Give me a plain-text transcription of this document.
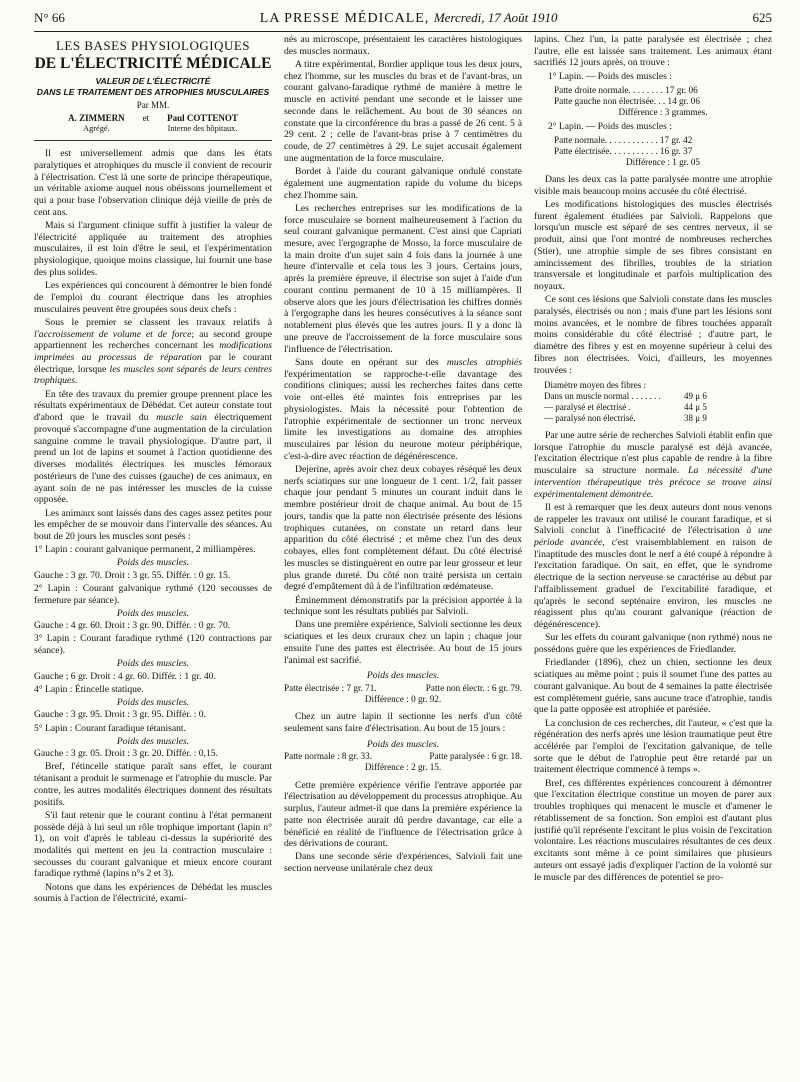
N° 66	LA PRESSE MÉDICALE, Mercredi, 17 Août 1910	625
LES BASES PHYSIOLOGIQUES
DE L'ÉLECTRICITÉ MÉDICALE
VALEUR DE L'ÉLECTRICITÉ
DANS LE TRAITEMENT DES ATROPHIES MUSCULAIRES
Par MM.
A. ZIMMERN
Agrégé.
et Paul COTTENOT
Interne des hôpitaux.

Il est universellement admis que dans les états paralytiques et atrophiques du muscle il convient de recourir à l'électrisation. C'est là une sorte de principe thérapeutique, un véritable axiome auquel nous obéissons journellement et qui a pour base l'observation clinique déjà vieille de près de cent ans.

Mais si l'argument clinique suffit à justifier la valeur de l'électricité appliquée au traitement des atrophies musculaires, il est loin d'être le seul, et l'expérimentation physiologique, quoique moins classique, lui fournit une base des plus solides.

Les expériences qui concourent à démontrer le bien fondé de l'emploi du courant électrique dans les atrophies musculaires peuvent être groupées sous deux chefs :

Sous le premier se classent les travaux relatifs à l'accroissement de volume et de force; au second groupe appartiennent les recherches concernant les modifications imprimées au processus de réparation par le courant électrique, lorsque les muscles sont séparés de leurs centres trophiques.

En tête des travaux du premier groupe prennent place les résultats expérimentaux de Débédat. Cet auteur constate tout d'abord que le travail du muscle sain électriquement provoqué s'accompagne d'une augmentation de la circulation sanguine comme le travail physiologique. D'autre part, il prend un lot de lapins et soumet à l'action quotidienne des diverses modalités électriques les muscles fémoraux postérieurs de l'une des cuisses (gauche) de ces animaux, en ayant soin de ne pas intéresser les muscles de la cuisse opposée.

Les animaux sont laissés dans des cages assez petites pour les empêcher de se mouvoir dans l'intervalle des séances. Au bout de 20 jours les muscles sont pesés :

1° Lapin : courant galvanique permanent, 2 milliampères.

Poids des muscles.

Gauche : 3 gr. 70. Droit : 3 gr. 55. Différ. : 0 gr. 15.

2° Lapin : Courant galvanique rythmé (120 secousses de fermeture par séance).

Poids des muscles.

Gauche : 4 gr. 60. Droit : 3 gr. 90. Différ. : 0 gr. 70.

3° Lapin : Courant faradique rythmé (120 contractions par séance).

Poids des muscles.

Gauche ; 6 gr. Droit : 4 gr. 60. Différ. : 1 gr. 40.

4° Lapin : Étincelle statique.

Poids des muscles.

Gauche : 3 gr. 95. Droit : 3 gr. 95. Différ. : 0.

5° Lapin : Courant faradique tétanisant.

Poids des muscles.

Gauche : 3 gr. 05. Droit : 3 gr. 20. Différ. : 0,15.

Bref, l'étincelle statique paraît sans effet, le courant tétanisant a produit le surmenage et l'atrophie du muscle. Par contre, les autres modalités électriques donnent des résultats positifs.

S'il faut retenir que le courant continu à l'état permanent possède déjà à lui seul un rôle trophique important (lapin n° 1), on voit d'après le tableau ci-dessus la supériorité des modalités qui mettent en jeu la contraction musculaire : secousses du courant galvanique et mieux encore courant faradique rythmé (lapins n°s 2 et 3).

Notons que dans les expériences de Débédat les muscles soumis à l'action de l'électricité, exami-

nés au microscope, présentaient les caractères histologiques des muscles normaux.

A titre expérimental, Bordier applique tous les deux jours, chez l'homme, sur les muscles du bras et de l'avant-bras, un courant galvano-faradique rythmé de manière à mettre le muscle en activité pendant une seconde et le laisser une seconde dans le relâchement. Au bout de 30 séances on constate que la circonférence du bras a passé de 26 cent. 5 à 29 cent. 2 ; celle de l'avant-bras prise à 7 centimètres du coude, de 27 centimètres à 29. Le sujet accusait également une augmentation de la force musculaire.

Bordet à l'aide du courant galvanique ondulé constate également une augmentation rapide du volume du biceps chez l'homme sain.

Les recherches entreprises sur les modifications de la force musculaire se bornent malheureusement à l'action du seul courant galvanique permanent. C'est ainsi que Capriati mesure, avec l'ergographe de Mosso, la force musculaire de la main droite d'un sujet sain 4 fois dans la journée à une heure d'intervalle et cela tous les 3 jours. Certains jours, après la première épreuve, il électrise son sujet à l'aide d'un courant continu permanent de 10 à 15 milliampères. Il observe alors que les jours d'électrisation les chiffres donnés à l'ergographe dans les heures consécutives à la séance sont notablement plus élevés que les autres jours. Il y a donc là une preuve de l'accroissement de la force musculaire sous l'influence de l'électrisation.

Sans doute en opérant sur des muscles atrophiés l'expérimentation se rapproche-t-elle davantage des conditions cliniques; aussi les recherches faites dans cette voie ont-elles été maintes fois entreprises par les physiologistes. Mais la nécessité pour l'obtention de l'atrophie expérimentale de sectionner un tronc nerveux limite les investigations au domaine des atrophies musculaires par lésion du neurone moteur périphérique, c'est-à-dire avec réaction de dégénérescence.

Dejerine, après avoir chez deux cobayes réséqué les deux nerfs sciatiques sur une longueur de 1 cent. 1/2, fait passer chaque jour pendant 5 minutes un courant induit dans le membre postérieur droit de chaque animal. Au bout de 15 jours, tandis que la patte non électrisée présente des lésions trophiques cutanées, on constate un retard dans leur apparition du côté électrisé ; et même chez l'un des deux cobayes, elles font complètement défaut. Du côté électrisé les muscles se distinguèrent en outre par leur grosseur et leur plus grande dureté. Du côté non traité persista un certain degré d'empâtement dû à de l'infiltration œdémateuse.

Éminemment démonstratifs par la précision apportée à la technique sont les résultats publiés par Salvioli.

Dans une première expérience, Salvioli sectionne les deux sciatiques et les deux cruraux chez un lapin ; chaque jour ensuite l'une des pattes est électrisée. Au bout de 15 jours l'animal est sacrifié.

Poids des muscles.
Patte électrisée : 7 gr. 71.	Patte non électr. : 6 gr. 79.
Différence : 0 gr. 92.

Chez un autre lapin il sectionne les nerfs d'un côté seulement sans faire d'électrisation. Au bout de 15 jours :

Poids des muscles.
Patte normale : 8 gr. 33.	Patte paralysée : 6 gr. 18.
Différence : 2 gr. 15.

Cette première expérience vérifie l'entrave apportée par l'électrisation au développement du processus atrophique. Au surplus, l'auteur admet-il que dans la première expérience la patte non électrisée aurait dû perdre davantage, car elle a bénéficié en réalité de l'influence de l'électrisation grâce à des dérivations de courant.

Dans une seconde série d'expériences, Salvioli fait une section nerveuse unilatérale chez deux

lapins. Chez l'un, la patte paralysée est électrisée ; chez l'autre, elle est laissée sans traitement. Les animaux étant sacrifiés 12 jours après, on trouve :

1° Lapin. — Poids des muscles :
Patte droite normale. . . . . . . . 17 gr. 06
Patte gauche non électrisée. . . 14 gr. 06
Différence : 3 grammes.
2° Lapin. — Poids des muscles :
Patte normale. . . . . . . . . . . . 17 gr. 42
Patte électrisée. . . . . . . . . . . 16 gr. 37
Différence : 1 gr. 05

Dans les deux cas la patte paralysée montre une atrophie visible mais beaucoup moins accusée du côté électrisé.

Les modifications histologiques des muscles électrisés furent également étudiées par Salvioli. Rappelons que lorsqu'un muscle est séparé de ses centres nerveux, il se produit, ainsi que l'ont montré de nombreuses recherches (Stier), une atrophie simple de ses fibres consistant en amincissement des fibrilles, troubles de la striation transversale et longitudinale et parfois multiplication des noyaux.

Ce sont ces lésions que Salvioli constate dans les muscles paralysés, électrisés ou non ; mais d'une part les lésions sont moins avancées, et le nombre de fibres touchées apparaît moins considérable du côté électrisé ; d'autre part, le diamètre des fibres y est en moyenne supérieur à celui des fibres non électrisées. Voici, d'ailleurs, les moyennes trouvées :

Diamètre moyen des fibres :
Dans un muscle normal . . . . . . .	49 μ 6
— paralysé et électrisé .	44 μ 5
— paralysé non électrisé.	38 μ 9

Par une autre série de recherches Salvioli établit enfin que lorsque l'atrophie du muscle paralysé est déjà avancée, l'excitation électrique n'est plus capable de rendre à la fibre musculaire sa structure normale. La nécessité d'une intervention thérapeutique très précoce se trouve ainsi expérimentalement démontrée.

Il est à remarquer que les deux auteurs dont nous venons de rappeler les travaux ont utilisé le courant faradique, et si Salvioli conclut à l'inefficacité de l'électrisation à une période avancée, c'est vraisemblablement en raison de l'inaptitude des muscles dont le nerf a été coupé à répondre à l'excitation faradique. On sait, en effet, que le syndrome électrique de la section nerveuse se caractérise au début par l'affaiblissement graduel de l'excitabilité faradique, et qu'après le second septénaire environ, les muscles ne réagissent plus qu'au courant galvanique (réaction de dégénérescence).

Sur les effets du courant galvanique (non rythmé) nous ne possédons guère que les expériences de Friedlander.

Friedlander (1896), chez un chien, sectionne les deux sciatiques au même point ; puis il soumet l'une des pattes au courant galvanique. Au bout de 4 semaines la patte électrisée est complètement guérie, sans aucune trace d'atrophie, tandis que la patte opposée est atrophiée et parésiée.

La conclusion de ces recherches, dit l'auteur, « c'est que la régénération des nerfs après une lésion traumatique peut être accélérée par l'emploi de l'excitation galvanique, de telle sorte que le début de l'atrophie peut être retardé par un traitement électrique commencé à temps ».

Bref, ces différentes expériences concourent à démontrer que l'excitation électrique constitue un moyen de parer aux troubles trophiques qui menacent le muscle et d'amener le rétablissement de sa fonction. Son emploi est d'autant plus justifié qu'il représente l'excitant le plus voisin de l'excitation volontaire. Les réactions musculaires résultantes de ces deux excitants sont même à ce point similaires que plusieurs auteurs ont essayé jadis d'expliquer l'action de la volonté sur le muscle par des différences de potentiel se pro-
